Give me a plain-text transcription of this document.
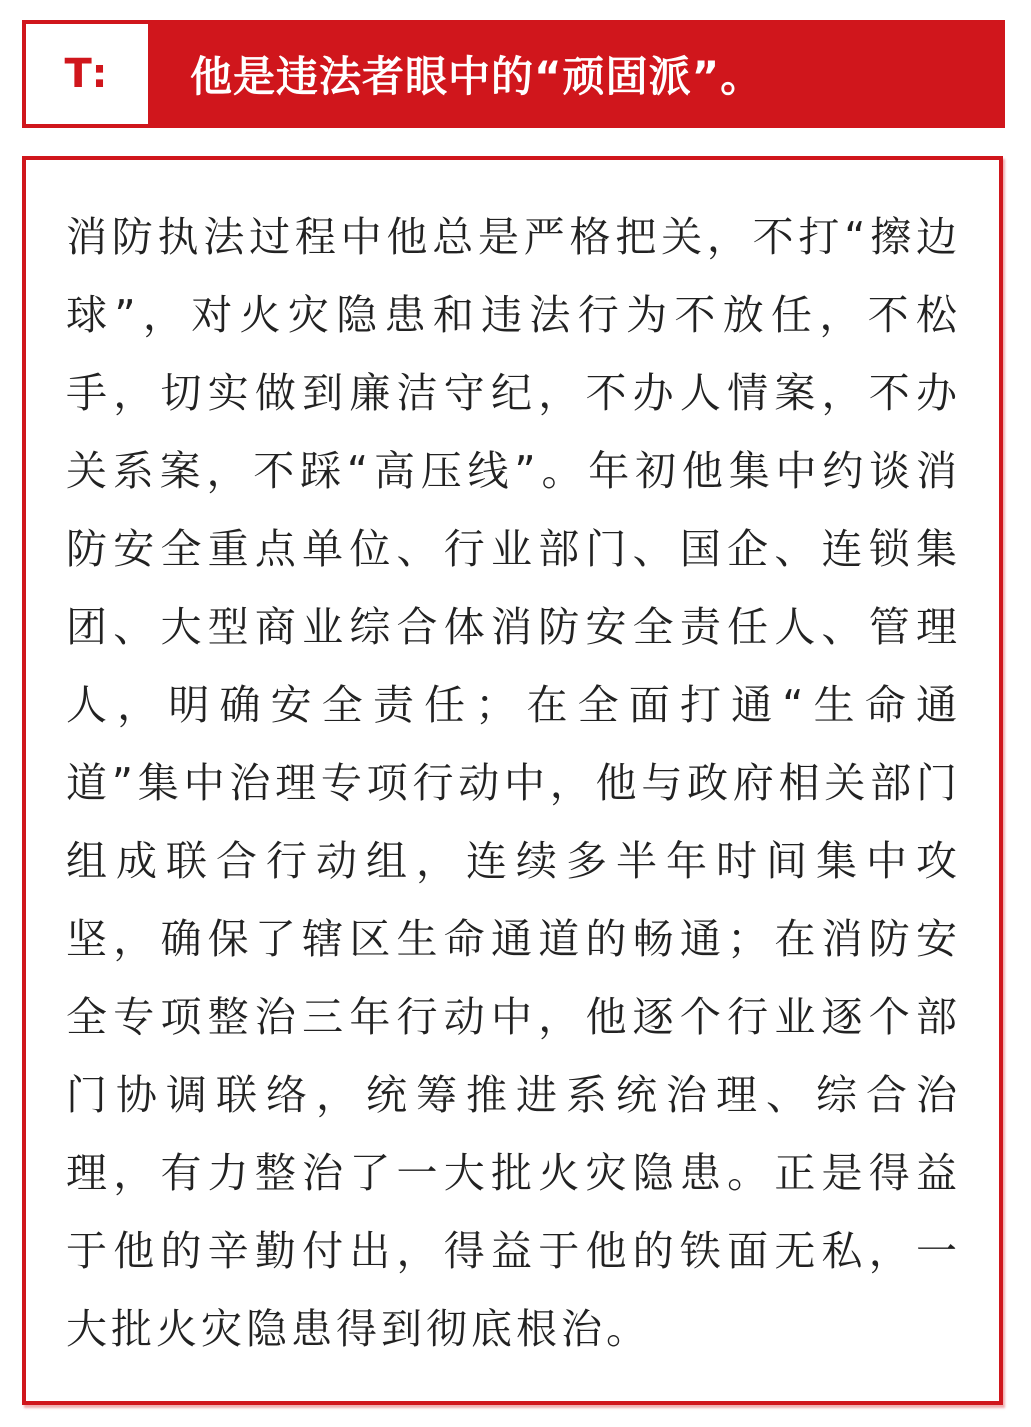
T: 他是违法者眼中的“顽固派”。

消防执法过程中他总是严格把关，不打“擦边球”，对火灾隐患和违法行为不放任，不松手，切实做到廉洁守纪，不办人情案，不办关系案，不踩“高压线”。年初他集中约谈消防安全重点单位、行业部门、国企、连锁集团、大型商业综合体消防安全责任人、管理人，明确安全责任；在全面打通“生命通道”集中治理专项行动中，他与政府相关部门组成联合行动组，连续多半年时间集中攻坚，确保了辖区生命通道的畅通；在消防安全专项整治三年行动中，他逐个行业逐个部门协调联络，统筹推进系统治理、综合治理，有力整治了一大批火灾隐患。正是得益于他的辛勤付出，得益于他的铁面无私，一大批火灾隐患得到彻底根治。
